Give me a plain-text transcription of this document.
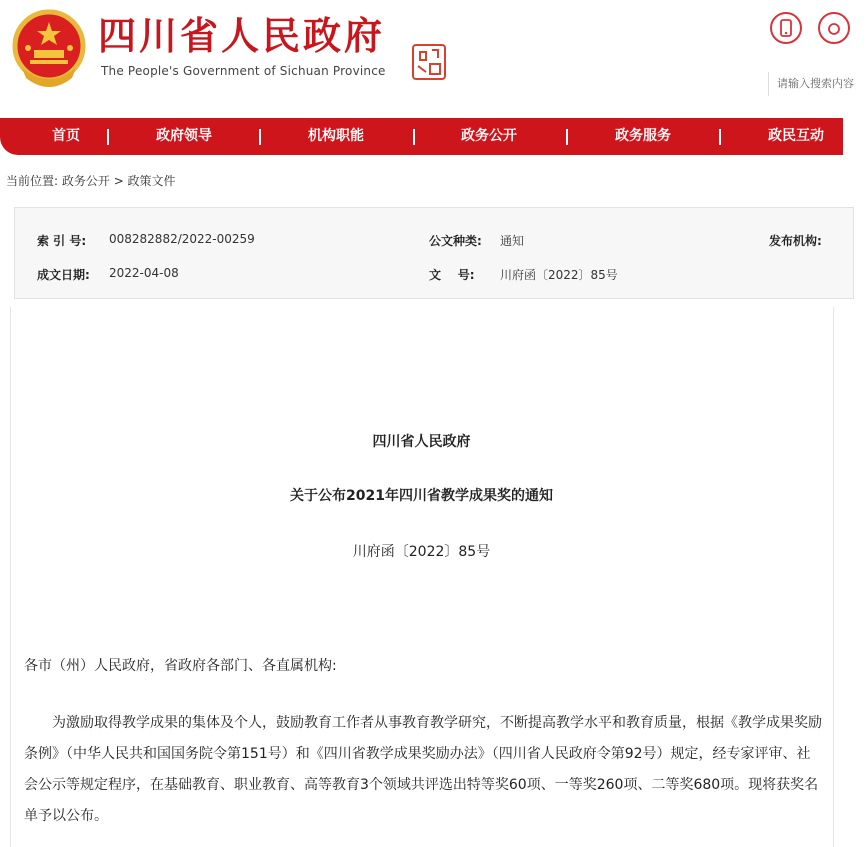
四川省人民政府
The People's Government of Sichuan Province
请输入搜索内容
首页	政府领导	机构职能	政务公开	政务服务	政民互动
当前位置: 政务公开 > 政策文件
索 引 号: 008282882/2022-00259	公文种类: 通知	发布机构:
成文日期: 2022-04-08	文    号: 川府函〔2022〕85号
四川省人民政府
关于公布2021年四川省教学成果奖的通知
川府函〔2022〕85号
各市（州）人民政府，省政府各部门、各直属机构:
为激励取得教学成果的集体及个人，鼓励教育工作者从事教育教学研究，不断提高教学水平和教育质量，根据《教学成果奖励条例》（中华人民共和国国务院令第151号）和《四川省教学成果奖励办法》（四川省人民政府令第92号）规定，经专家评审、社会公示等规定程序，在基础教育、职业教育、高等教育3个领域共评选出特等奖60项、一等奖260项、二等奖680项。现将获奖名单予以公布。
